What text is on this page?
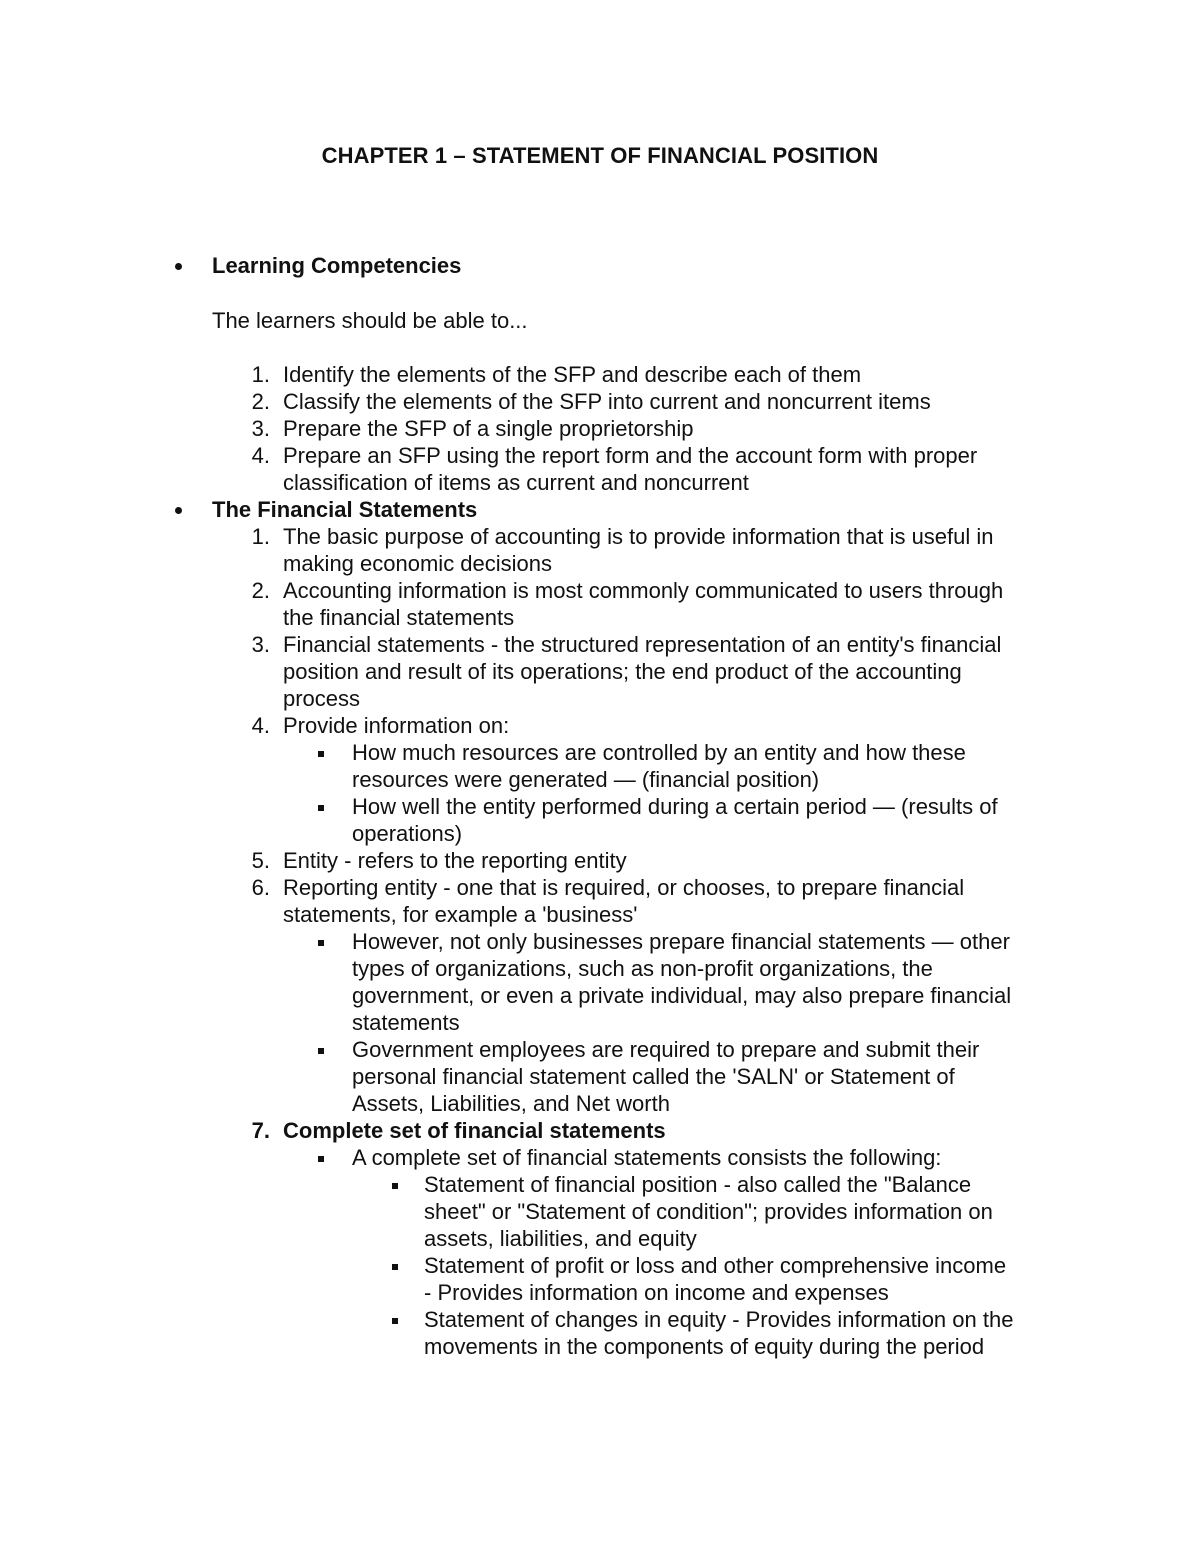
CHAPTER 1 – STATEMENT OF FINANCIAL POSITION
Learning Competencies
The learners should be able to...
1. Identify the elements of the SFP and describe each of them
2. Classify the elements of the SFP into current and noncurrent items
3. Prepare the SFP of a single proprietorship
4. Prepare an SFP using the report form and the account form with proper
classification of items as current and noncurrent
The Financial Statements
1. The basic purpose of accounting is to provide information that is useful in
making economic decisions
2. Accounting information is most commonly communicated to users through
the financial statements
3. Financial statements - the structured representation of an entity's financial
position and result of its operations; the end product of the accounting
process
4. Provide information on:
How much resources are controlled by an entity and how these
resources were generated — (financial position)
How well the entity performed during a certain period — (results of
operations)
5. Entity - refers to the reporting entity
6. Reporting entity - one that is required, or chooses, to prepare financial
statements, for example a 'business'
However, not only businesses prepare financial statements — other
types of organizations, such as non-profit organizations, the
government, or even a private individual, may also prepare financial
statements
Government employees are required to prepare and submit their
personal financial statement called the 'SALN' or Statement of
Assets, Liabilities, and Net worth
7. Complete set of financial statements
A complete set of financial statements consists the following:
Statement of financial position - also called the "Balance
sheet" or "Statement of condition"; provides information on
assets, liabilities, and equity
Statement of profit or loss and other comprehensive income
- Provides information on income and expenses
Statement of changes in equity - Provides information on the
movements in the components of equity during the period
